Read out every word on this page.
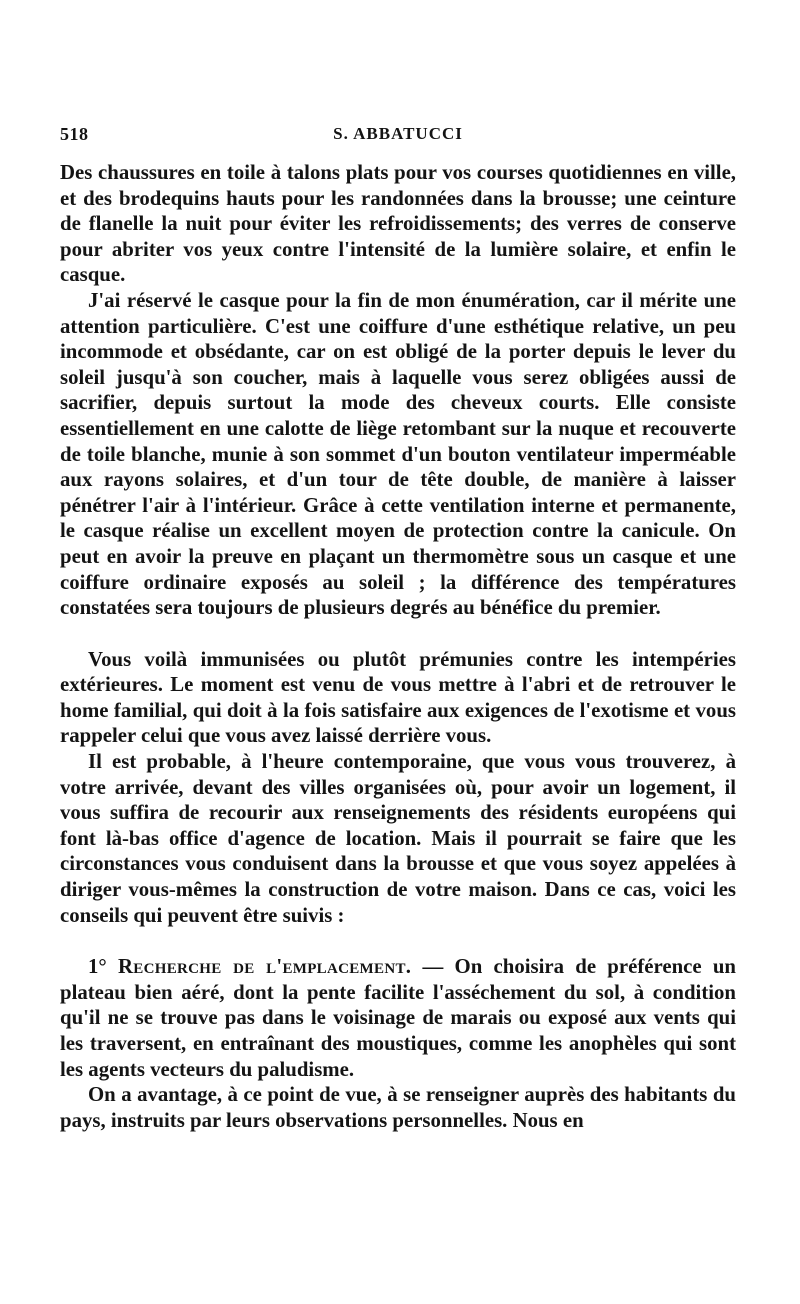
518	S. ABBATUCCI

Des chaussures en toile à talons plats pour vos courses quotidiennes en ville, et des brodequins hauts pour les randonnées dans la brousse; une ceinture de flanelle la nuit pour éviter les refroidissements; des verres de conserve pour abriter vos yeux contre l'intensité de la lumière solaire, et enfin le casque.

J'ai réservé le casque pour la fin de mon énumération, car il mérite une attention particulière. C'est une coiffure d'une esthétique relative, un peu incommode et obsédante, car on est obligé de la porter depuis le lever du soleil jusqu'à son coucher, mais à laquelle vous serez obligées aussi de sacrifier, depuis surtout la mode des cheveux courts. Elle consiste essentiellement en une calotte de liège retombant sur la nuque et recouverte de toile blanche, munie à son sommet d'un bouton ventilateur imperméable aux rayons solaires, et d'un tour de tête double, de manière à laisser pénétrer l'air à l'intérieur. Grâce à cette ventilation interne et permanente, le casque réalise un excellent moyen de protection contre la canicule. On peut en avoir la preuve en plaçant un thermomètre sous un casque et une coiffure ordinaire exposés au soleil ; la différence des températures constatées sera toujours de plusieurs degrés au bénéfice du premier.

Vous voilà immunisées ou plutôt prémunies contre les intempéries extérieures. Le moment est venu de vous mettre à l'abri et de retrouver le home familial, qui doit à la fois satisfaire aux exigences de l'exotisme et vous rappeler celui que vous avez laissé derrière vous.

Il est probable, à l'heure contemporaine, que vous vous trouverez, à votre arrivée, devant des villes organisées où, pour avoir un logement, il vous suffira de recourir aux renseignements des résidents européens qui font là-bas office d'agence de location. Mais il pourrait se faire que les circonstances vous conduisent dans la brousse et que vous soyez appelées à diriger vous-mêmes la construction de votre maison. Dans ce cas, voici les conseils qui peuvent être suivis :

1° Recherche de l'emplacement. — On choisira de préférence un plateau bien aéré, dont la pente facilite l'asséchement du sol, à condition qu'il ne se trouve pas dans le voisinage de marais ou exposé aux vents qui les traversent, en entraînant des moustiques, comme les anophèles qui sont les agents vecteurs du paludisme.

On a avantage, à ce point de vue, à se renseigner auprès des habitants du pays, instruits par leurs observations personnelles. Nous en
